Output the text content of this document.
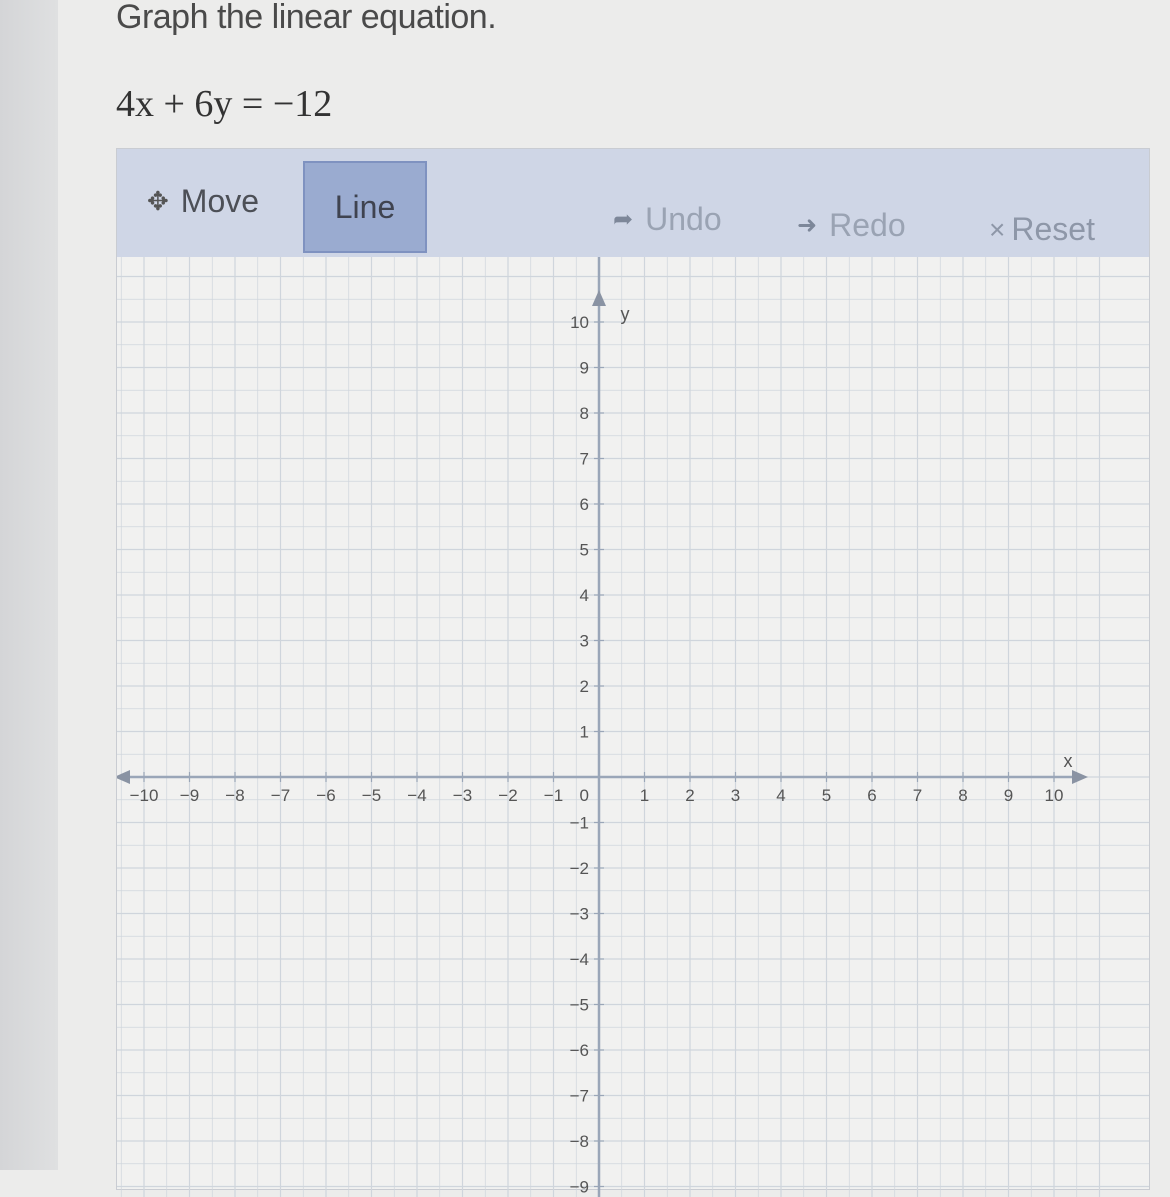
Graph the linear equation.
4x + 6y = −12
✥ Move Line	➦ Undo	➜ Redo	× Reset
−10 −9 −8 −7 −6 −5 −4 −3 −2 −1	1 2 3 4 5 6 7 8 9 10
10
9
8
7
6
5
4
3
2
1
−1
−2
−3
−4
−5
−6
−7
−8
−9
0
x
y
